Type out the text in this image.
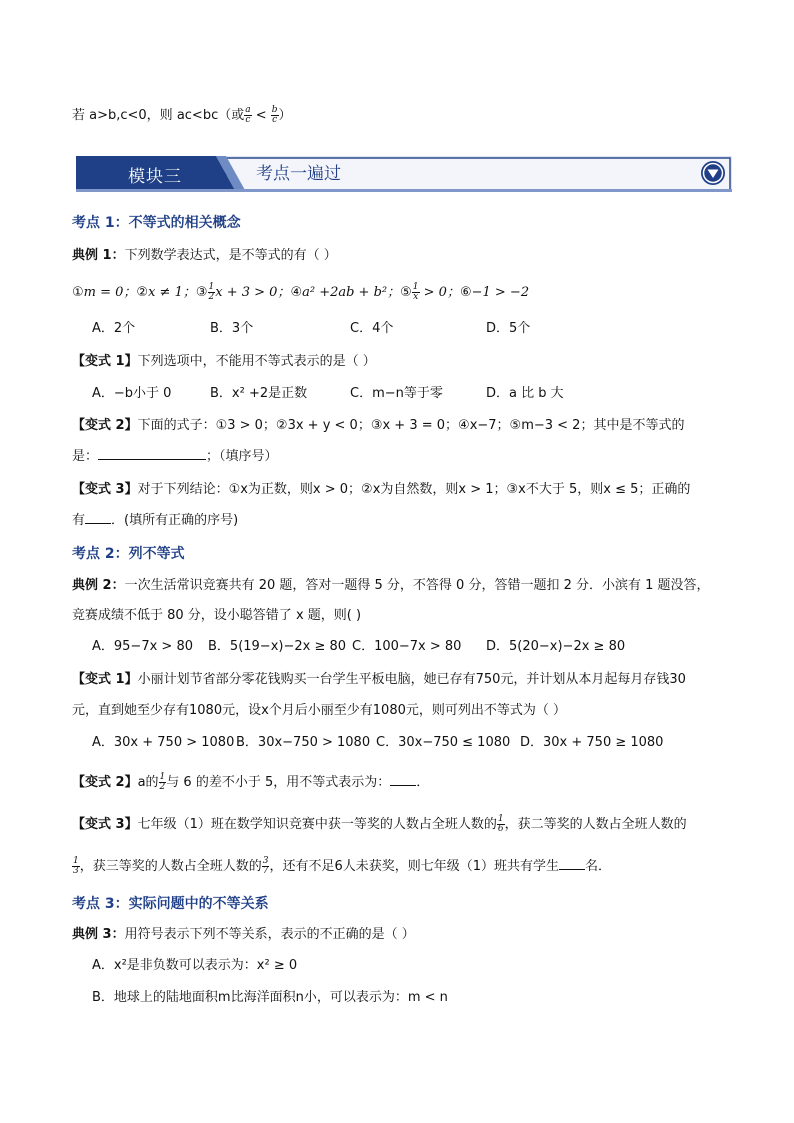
若 a>b,c<0，则 ac<bc（或 $\frac{a}{c} < \frac{b}{c}$ ）
模块三	考点一遍过
考点 1：不等式的相关概念
典例 1：下列数学表达式，是不等式的有（ ）
①m = 0；②x ≠ 1；③ $\frac{1}{2}$ x + 3 > 0；④a² +2ab + b²；⑤ $\frac{1}{x} > 0$；⑥−1 > −2
A．2个	B．3个	C．4个	D．5个
【变式 1】下列选项中，不能用不等式表示的是（ ）
A．−b小于 0	B．x² +2是正数	C．m−n等于零	D．a 比 b 大
【变式 2】下面的式子：①3 > 0；②3x + y < 0；③x + 3 = 0；④x−7；⑤m−3 < 2；其中是不等式的
是：	；（填序号）
【变式 3】对于下列结论：①x为正数，则x > 0；②x为自然数，则x > 1；③x不大于 5，则x ≤ 5；正确的
有 ．(填所有正确的序号)
考点 2：列不等式
典例 2：一次生活常识竞赛共有 20 题，答对一题得 5 分，不答得 0 分，答错一题扣 2 分．小滨有 1 题没答，
竞赛成绩不低于 80 分，设小聪答错了 x 题，则( )
A．95−7x > 80 B．5(19−x)−2x ≥ 80 C．100−7x > 80 D．5(20−x)−2x ≥ 80
【变式 1】小丽计划节省部分零花钱购买一台学生平板电脑，她已存有750元，并计划从本月起每月存钱30
元，直到她至少存有1080元，设x个月后小丽至少有1080元，则可列出不等式为（ ）
A．30x + 750 > 1080 B．30x−750 > 1080 C．30x−750 ≤ 1080 D．30x + 750 ≥ 1080
【变式 2】a的 $\frac{1}{2}$ 与 6 的差不小于 5，用不等式表示为： ．
【变式 3】七年级（1）班在数学知识竞赛中获一等奖的人数占全班人数的 $\frac{1}{6}$ ，获二等奖的人数占全班人数的
$\frac{1}{3}$ ，获三等奖的人数占全班人数的 $\frac{3}{7}$ ，还有不足6人未获奖，则七年级（1）班共有学生 名．
考点 3：实际问题中的不等关系
典例 3：用符号表示下列不等关系，表示的不正确的是（ ）
A．x²是非负数可以表示为：x² ≥ 0
B．地球上的陆地面积m比海洋面积n小，可以表示为：m < n
